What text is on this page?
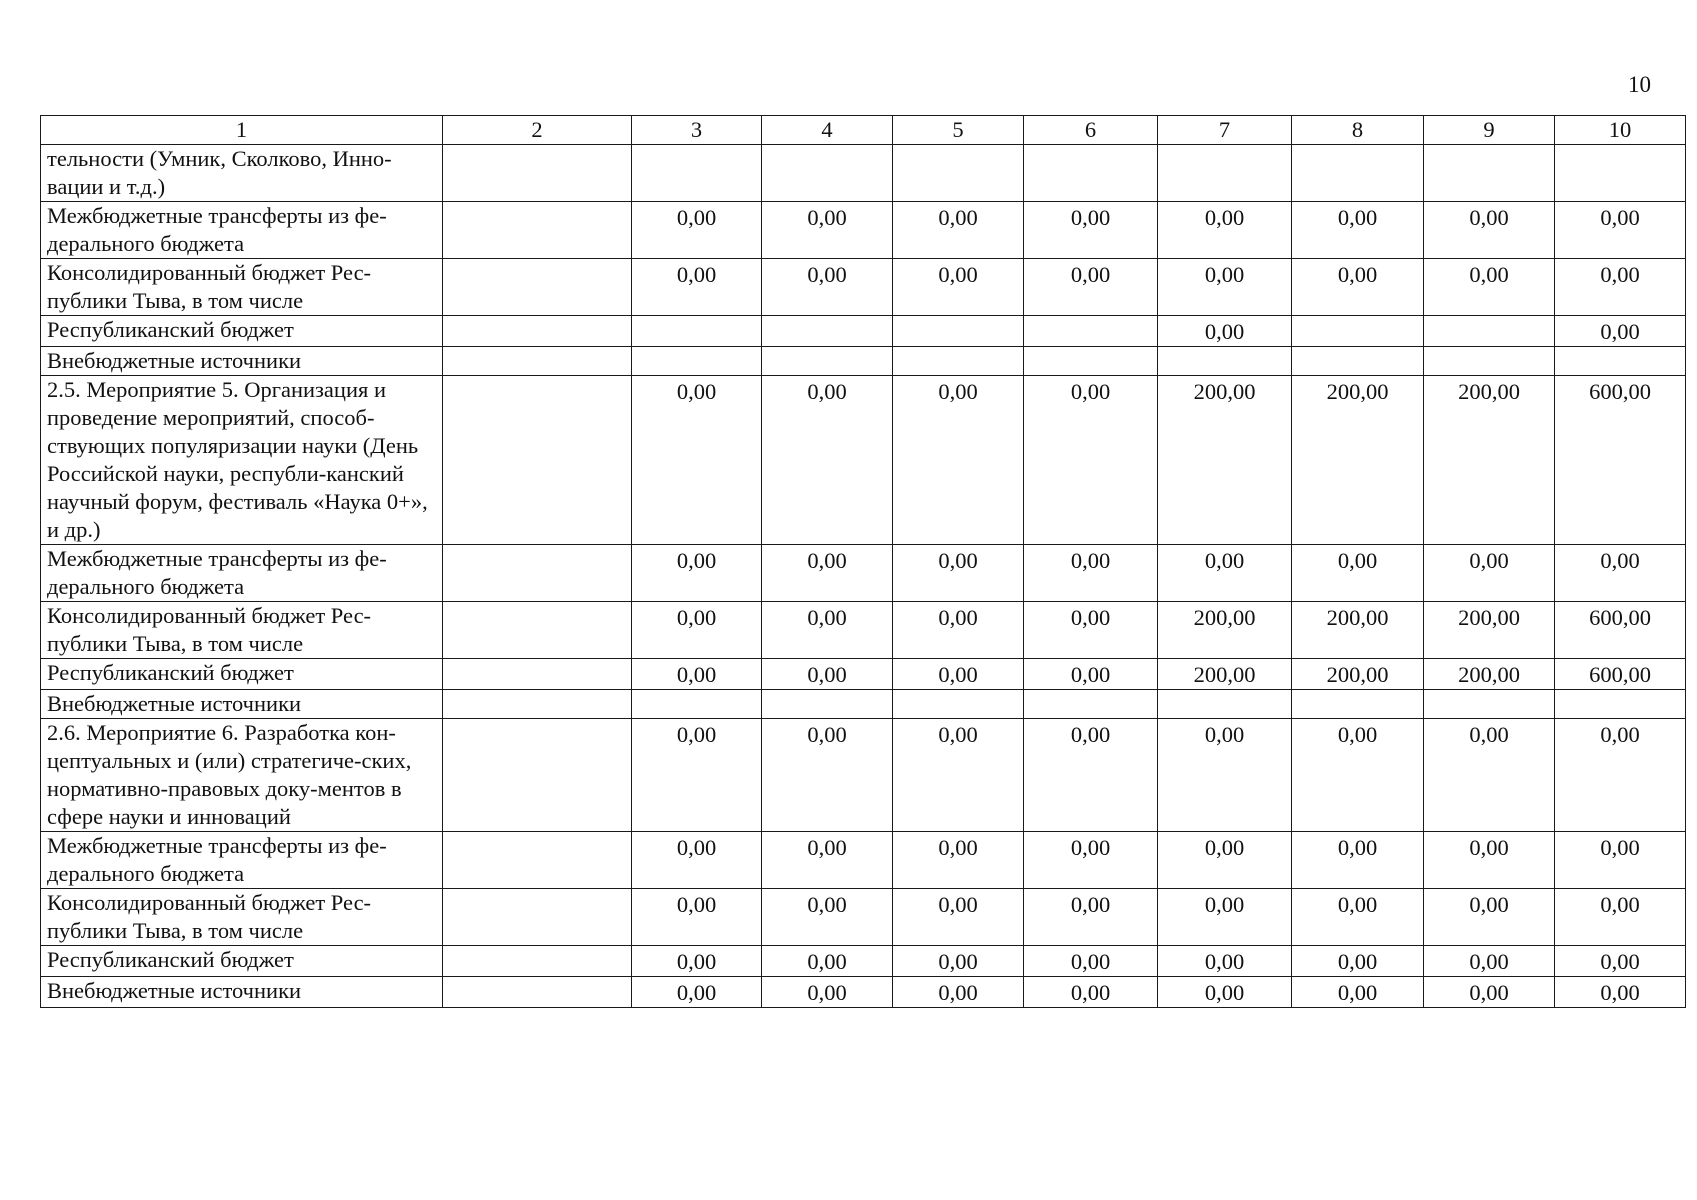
10
1	2	3	4	5	6	7	8	9	10
тельности (Умник, Сколково, Инно-вации и т.д.)									
Межбюджетные трансферты из фе-дерального бюджета		0,00	0,00	0,00	0,00	0,00	0,00	0,00	0,00
Консолидированный бюджет Рес-публики Тыва, в том числе		0,00	0,00	0,00	0,00	0,00	0,00	0,00	0,00
Республиканский бюджет						0,00			0,00
Внебюджетные источники									
2.5. Мероприятие 5. Организация и проведение мероприятий, способ-ствующих популяризации науки (День Российской науки, республи-канский научный форум, фестиваль «Наука 0+», и др.)		0,00	0,00	0,00	0,00	200,00	200,00	200,00	600,00
Межбюджетные трансферты из фе-дерального бюджета		0,00	0,00	0,00	0,00	0,00	0,00	0,00	0,00
Консолидированный бюджет Рес-публики Тыва, в том числе		0,00	0,00	0,00	0,00	200,00	200,00	200,00	600,00
Республиканский бюджет		0,00	0,00	0,00	0,00	200,00	200,00	200,00	600,00
Внебюджетные источники									
2.6. Мероприятие 6. Разработка кон-цептуальных и (или) стратегиче-ских, нормативно-правовых доку-ментов в сфере науки и инноваций		0,00	0,00	0,00	0,00	0,00	0,00	0,00	0,00
Межбюджетные трансферты из фе-дерального бюджета		0,00	0,00	0,00	0,00	0,00	0,00	0,00	0,00
Консолидированный бюджет Рес-публики Тыва, в том числе		0,00	0,00	0,00	0,00	0,00	0,00	0,00	0,00
Республиканский бюджет		0,00	0,00	0,00	0,00	0,00	0,00	0,00	0,00
Внебюджетные источники		0,00	0,00	0,00	0,00	0,00	0,00	0,00	0,00
